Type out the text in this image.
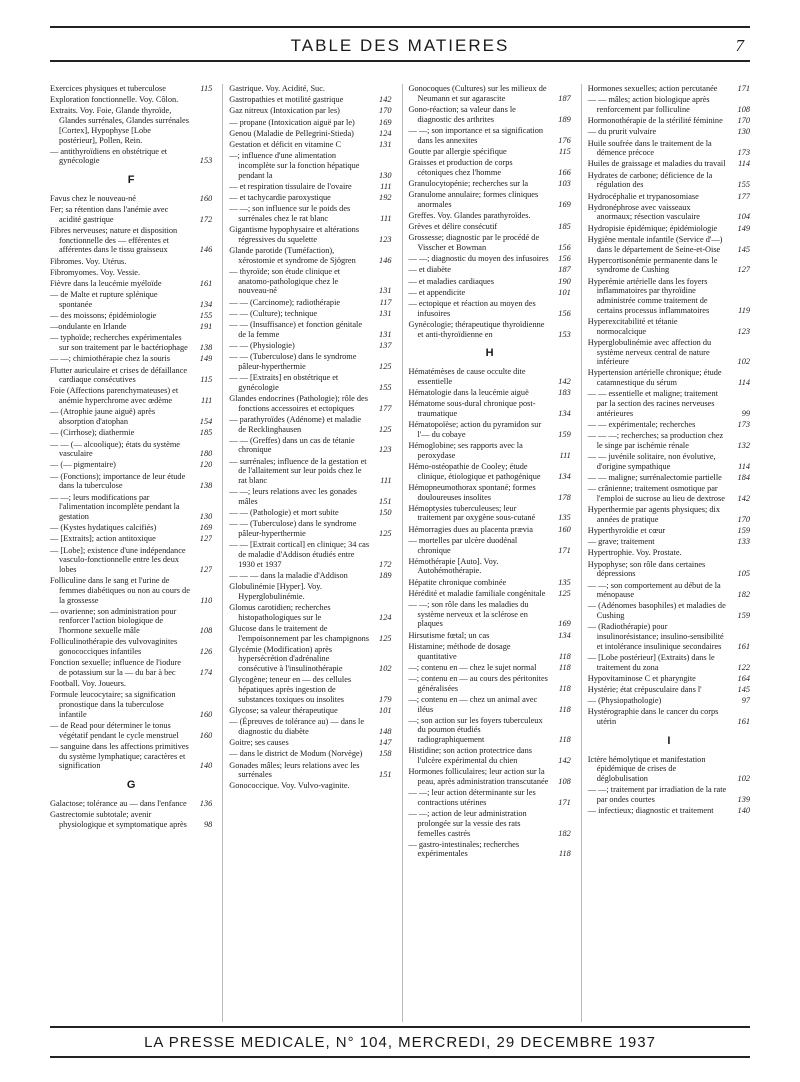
TABLE DES MATIERES	7
Exercices physiques et tuberculose	115
Exploration fonctionnelle. Voy. Côlon.
Extraits. Voy. Foie, Glande thyroïde, Glandes surrénales, Glandes surrénales [Cortex], Hypophyse [Lobe postérieur], Pollen, Rein.
— antithyroïdiens en obstétrique et gynécologie	153
F
Favus chez le nouveau-né	160
Fer; sa rétention dans l'anémie avec acidité gastrique	172
Fibres nerveuses; nature et disposition fonctionnelle des — efférentes et afférentes dans le tissu graisseux	146
Fibromes. Voy. Utérus.
Fibromyomes. Voy. Vessie.
Fièvre dans la leucémie myéloïde	161
— de Malte et rupture splénique spontanée	134
— des moissons; épidémiologie	155
—ondulante en Irlande	191
— typhoïde; recherches expérimentales sur son traitement par le bactériophage	138
— —; chimiothérapie chez la souris	149
Flutter auriculaire et crises de défaillance cardiaque consécutives	115
Foie (Affections parenchymateuses) et anémie hyperchrome avec œdème	111
— (Atrophie jaune aiguë) après absorption d'atophan	154
— (Cirrhose); diathermie	185
— — (— alcoolique); états du système vasculaire	180
— (— pigmentaire)	120
— (Fonctions); importance de leur étude dans la tuberculose	138
— —; leurs modifications par l'alimentation incomplète pendant la gestation	130
— (Kystes hydatiques calcifiés)	169
— [Extraits]; action antitoxique	127
— [Lobe]; existence d'une indépendance vasculo-fonctionnelle entre les deux lobes	127
Folliculine dans le sang et l'urine de femmes diabétiques ou non au cours de la grossesse	110
— ovarienne; son administration pour renforcer l'action biologique de l'hormone sexuelle mâle	108
Folliculinothérapie des vulvovaginites gonococciques infantiles	126
Fonction sexuelle; influence de l'iodure de potassium sur la — du bar à bec	174
Football. Voy. Joueurs.
Formule leucocytaire; sa signification pronostique dans la tuberculose infantile	160
— de Read pour déterminer le tonus végétatif pendant le cycle menstruel	160
— sanguine dans les affections primitives du système lymphatique; caractères et signification	140
G
Galactose; tolérance au — dans l'enfance	136
Gastrectomie subtotale; avenir physiologique et symptomatique après	98
Gastrique. Voy. Acidité, Suc.
Gastropathies et motilité gastrique	142
Gaz nitreux (Intoxication par les)	170
— propane (Intoxication aiguë par le)	169
Genou (Maladie de Pellegrini-Stieda)	124
Gestation et déficit en vitamine C	131
—; influence d'une alimentation incomplète sur la fonction hépatique pendant la	130
— et respiration tissulaire de l'ovaire	111
— et tachycardie paroxystique	192
— —; son influence sur le poids des surrénales chez le rat blanc	111
Gigantisme hypophysaire et altérations régressives du squelette	123
Glande parotide (Tuméfaction), xérostomie et syndrome de Sjögren	146
— thyroïde; son étude clinique et anatomo-pathologique chez le nouveau-né	131
— — (Carcinome); radiothérapie	117
— — (Culture); technique	131
— — (Insuffisance) et fonction génitale de la femme	131
— — (Physiologie)	137
— — (Tuberculose) dans le syndrome pâleur-hyperthermie	125
— — [Extraits] en obstétrique et gynécologie	155
Glandes endocrines (Pathologie); rôle des fonctions accessoires et ectopiques	177
— parathyroïdes (Adénome) et maladie de Recklinghausen	125
— — (Greffes) dans un cas de tétanie chronique	123
— surrénales; influence de la gestation et de l'allaitement sur leur poids chez le rat blanc	111
— —; leurs relations avec les gonades mâles	151
— — (Pathologie) et mort subite	150
— — (Tuberculose) dans le syndrome pâleur-hyperthermie	125
— — [Extrait cortical] en clinique; 34 cas de maladie d'Addison étudiés entre 1930 et 1937	172
— — — dans la maladie d'Addison	189
Globulinémie [Hyper]. Voy. Hyperglobulinémie.
Glomus carotidien; recherches histopathologiques sur le	124
Glucose dans le traitement de l'empoisonnement par les champignons	125
Glycémie (Modification) après hypersécrétion d'adrénaline consécutive à l'insulinothérapie	102
Glycogène; teneur en — des cellules hépatiques après ingestion de substances toxiques ou insolites	179
Glycose; sa valeur thérapeutique	101
— (Épreuves de tolérance au) — dans le diagnostic du diabète	148
Goitre; ses causes	147
— dans le district de Modum (Norvège)	158
Gonades mâles; leurs relations avec les surrénales	151
Gonococcique. Voy. Vulvo-vaginite.
Gonocoques (Cultures) sur les milieux de Neumann et sur agarascite	187
Gono-réaction; sa valeur dans le diagnostic des arthrites	189
— —; son importance et sa signification dans les annexites	176
Goutte par allergie spécifique	115
Graisses et production de corps cétoniques chez l'homme	166
Granulocytopénie; recherches sur la	103
Granulome annulaire; formes cliniques anormales	169
Greffes. Voy. Glandes parathyroïdes.
Grèves et délire consécutif	185
Grossesse; diagnostic par le procédé de Visscher et Bowman	156
— —; diagnostic du moyen des infusoires	156
— et diabète	187
— et maladies cardiaques	190
— et appendicite	101
— ectopique et réaction au moyen des infusoires	156
Gynécologie; thérapeutique thyroïdienne et anti-thyroïdienne en	153
H
Hématémèses de cause occulte dite essentielle	142
Hématologie dans la leucémie aiguë	183
Hématome sous-dural chronique post-traumatique	134
Hématopoïèse; action du pyramidon sur l'— du cobaye	159
Hémoglobine; ses rapports avec la peroxydase	111
Hémo-ostéopathie de Cooley; étude clinique, étiologique et pathogénique	134
Hémopneumothorax spontané; formes douloureuses insolites	178
Hémoptysies tuberculeuses; leur traitement par oxygène sous-cutané	135
Hémorragies dues au placenta prævia	160
— mortelles par ulcère duodénal chronique	171
Hémothérapie [Auto]. Voy. Autohémothérapie.
Hépatite chronique combinée	135
Hérédité et maladie familiale congénitale	125
— —; son rôle dans les maladies du système nerveux et la sclérose en plaques	169
Hirsutisme fœtal; un cas	134
Histamine; méthode de dosage quantitative	118
—; contenu en — chez le sujet normal	118
—; contenu en — au cours des péritonites généralisées	118
—; contenu en — chez un animal avec iléus	118
—; son action sur les foyers tuberculeux du poumon étudiés radiographiquement	118
Histidine; son action protectrice dans l'ulcère expérimental du chien	142
Hormones folliculaires; leur action sur la peau, après administration transcutanée	108
— —; leur action déterminante sur les contractions utérines	171
— —; action de leur administration prolongée sur la vessie des rats femelles castrés	182
— gastro-intestinales; recherches expérimentales	118
Hormones sexuelles; action percutanée	171
— — mâles; action biologique après renforcement par folliculine	108
Hormonothérapie de la stérilité féminine	170
— du prurit vulvaire	130
Huile soufrée dans le traitement de la démence précoce	173
Huiles de graissage et maladies du travail	114
Hydrates de carbone; déficience de la régulation des	155
Hydrocéphalie et trypanosomiase	177
Hydronéphrose avec vaisseaux anormaux; résection vasculaire	104
Hydropisie épidémique; épidémiologie	149
Hygiène mentale infantile (Service d'—) dans le département de Seine-et-Oise	145
Hypercortisonémie permanente dans le syndrome de Cushing	127
Hyperémie artérielle dans les foyers inflammatoires par thyroïdine administrée comme traitement de certains processus inflammatoires	119
Hyperexcitabilité et tétanie normocalcique	123
Hyperglobulinémie avec affection du système nerveux central de nature inférieure	102
Hypertension artérielle chronique; étude catamnestique du sérum	114
— — essentielle et maligne; traitement par la section des racines nerveuses antérieures	99
— — expérimentale; recherches	173
— — —; recherches; sa production chez le singe par ischémie rénale	132
— — juvénile solitaire, non évolutive, d'origine sympathique	114
— — maligne; surrénalectomie partielle	184
— crânienne; traitement osmotique par l'emploi de sucrose au lieu de dextrose	142
Hyperthermie par agents physiques; dix années de pratique	170
Hyperthyroïdie et cœur	159
— grave; traitement	133
Hypertrophie. Voy. Prostate.
Hypophyse; son rôle dans certaines dépressions	105
— —; son comportement au début de la ménopause	182
— (Adénomes basophiles) et maladies de Cushing	159
— (Radiothérapie) pour insulinorésistance; insulino-sensibilité et intolérance insulinique secondaires	161
— [Lobe postérieur] (Extraits) dans le traitement du zona	122
Hypovitaminose C et pharyngite	164
Hystérie; état crépusculaire dans l'	145
— (Physiopathologie)	97
Hystérographie dans le cancer du corps utérin	161
I
Ictère hémolytique et manifestation épidémique de crises de déglobulisation	102
— —; traitement par irradiation de la rate par ondes courtes	139
— infectieux; diagnostic et traitement	140
LA PRESSE MEDICALE, N° 104, MERCREDI, 29 DECEMBRE 1937
